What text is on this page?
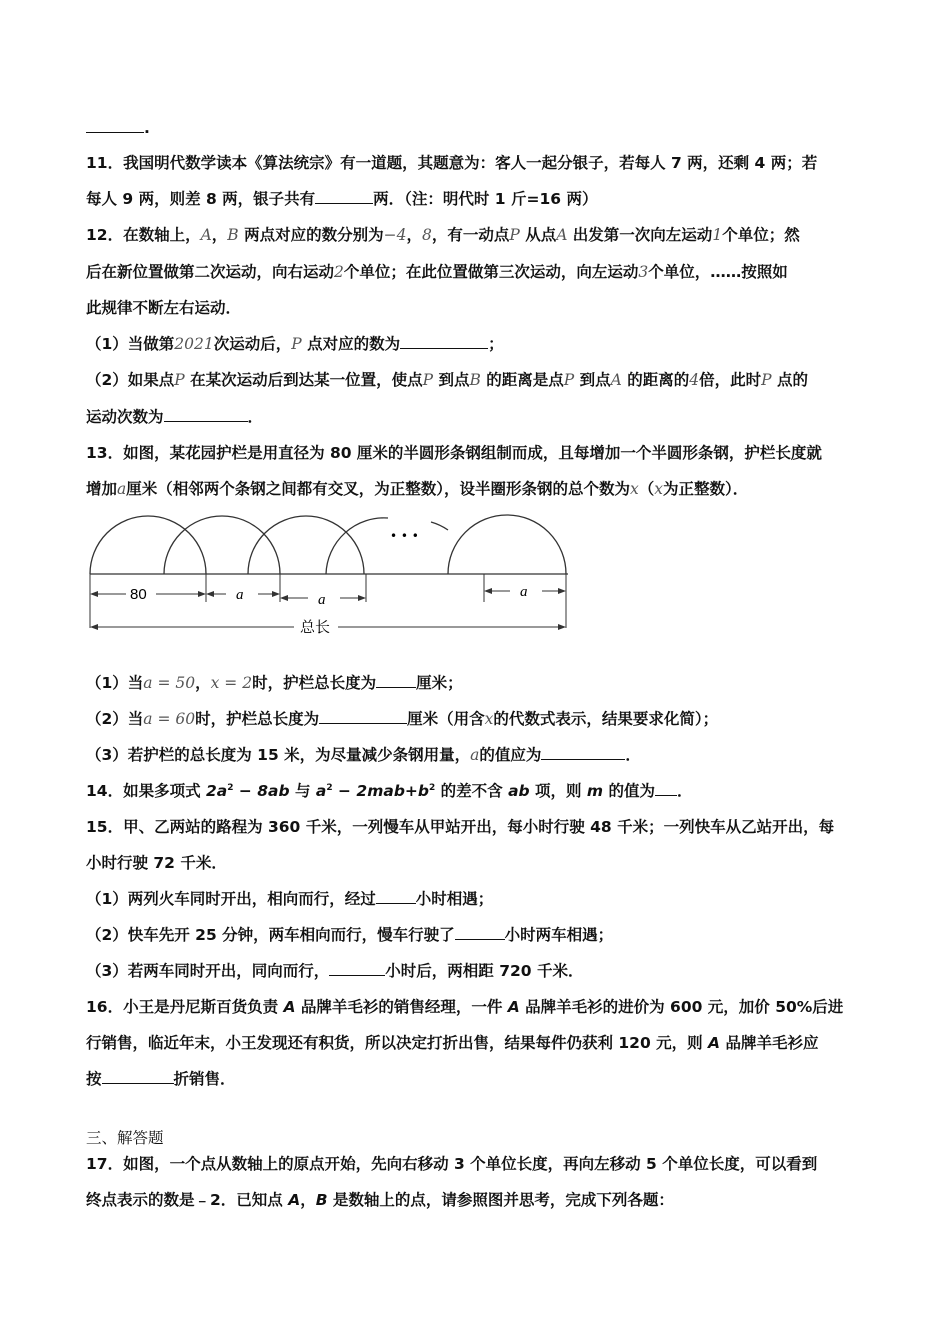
.
11．我国明代数学读本《算法统宗》有一道题，其题意为：客人一起分银子，若每人 7 两，还剩 4 两；若
每人 9 两，则差 8 两，银子共有	两．（注：明代时 1 斤=16 两）
12．在数轴上，A，B 两点对应的数分别为−4，8，有一动点P 从点A 出发第一次向左运动1个单位；然
后在新位置做第二次运动，向右运动2个单位；在此位置做第三次运动，向左运动3个单位，……按照如
此规律不断左右运动．
（1）当做第2021次运动后，P 点对应的数为	；
（2）如果点P 在某次运动后到达某一位置，使点P 到点B 的距离是点P 到点A 的距离的4倍，此时P 点的
运动次数为	．
13．如图，某花园护栏是用直径为 80 厘米的半圆形条钢组制而成，且每增加一个半圆形条钢，护栏长度就
增加a厘米（相邻两个条钢之间都有交叉，为正整数），设半圈形条钢的总个数为x（x为正整数）．
80	a	a	a
总长
• • •
（1）当a = 50，x = 2时，护栏总长度为	厘米；
（2）当a = 60时，护栏总长度为	厘米（用含x的代数式表示，结果要求化简）；
（3）若护栏的总长度为 15 米，为尽量减少条钢用量，a的值应为	．
14．如果多项式 $2a^2 - 8ab$ 与 $a^2 - 2mab+b^2$ 的差不含 ab 项，则 m 的值为 ．
15．甲、乙两站的路程为 360 千米，一列慢车从甲站开出，每小时行驶 48 千米；一列快车从乙站开出，每
小时行驶 72 千米．
（1）两列火车同时开出，相向而行，经过	小时相遇；
（2）快车先开 25 分钟，两车相向而行，慢车行驶了	小时两车相遇；
（3）若两车同时开出，同向而行，	小时后，两相距 720 千米．
16．小王是丹尼斯百货负责 A 品牌羊毛衫的销售经理，一件 A 品牌羊毛衫的进价为 600 元，加价 50%后进
行销售，临近年末，小王发现还有积货，所以决定打折出售，结果每件仍获利 120 元，则 A 品牌羊毛衫应
按	折销售．
三、解答题
17．如图，一个点从数轴上的原点开始，先向右移动 3 个单位长度，再向左移动 5 个单位长度，可以看到
终点表示的数是﹣2．已知点 A，B 是数轴上的点，请参照图并思考，完成下列各题：
